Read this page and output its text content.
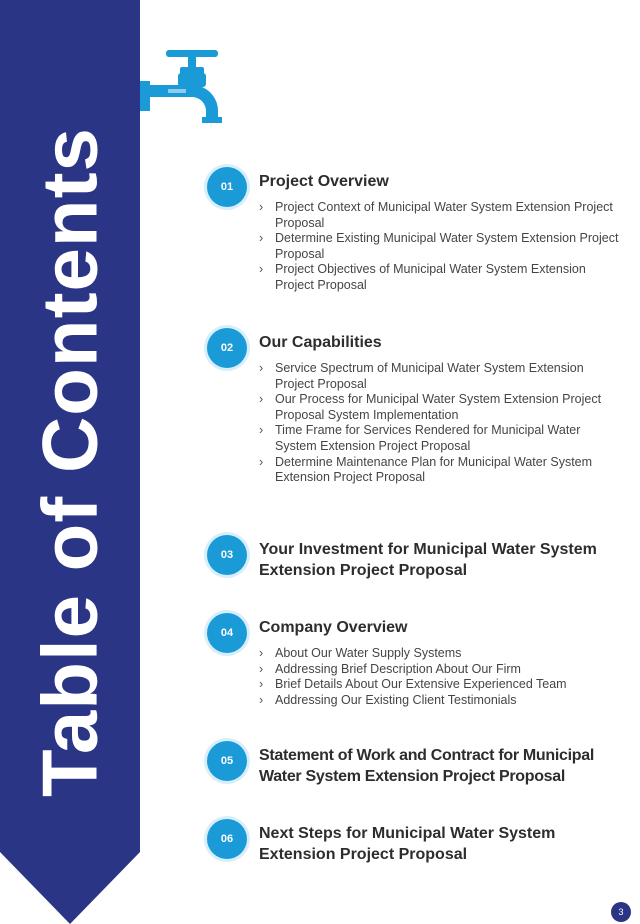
Table of Contents	01	Project Overview
› Project Context of Municipal Water System Extension Project Proposal
› Determine Existing Municipal Water System Extension Project Proposal
› Project Objectives of Municipal Water System Extension Project Proposal
02	Our Capabilities
› Service Spectrum of Municipal Water System Extension Project Proposal
› Our Process for Municipal Water System Extension Project Proposal System Implementation
› Time Frame for Services Rendered for Municipal Water System Extension Project Proposal
› Determine Maintenance Plan for Municipal Water System Extension Project Proposal
03	Your Investment for Municipal Water System Extension Project Proposal
04	Company Overview
› About Our Water Supply Systems
› Addressing Brief Description About Our Firm
› Brief Details About Our Extensive Experienced Team
› Addressing Our Existing Client Testimonials
05	Statement of Work and Contract for Municipal Water System Extension Project Proposal
06	Next Steps for Municipal Water System Extension Project Proposal
3
